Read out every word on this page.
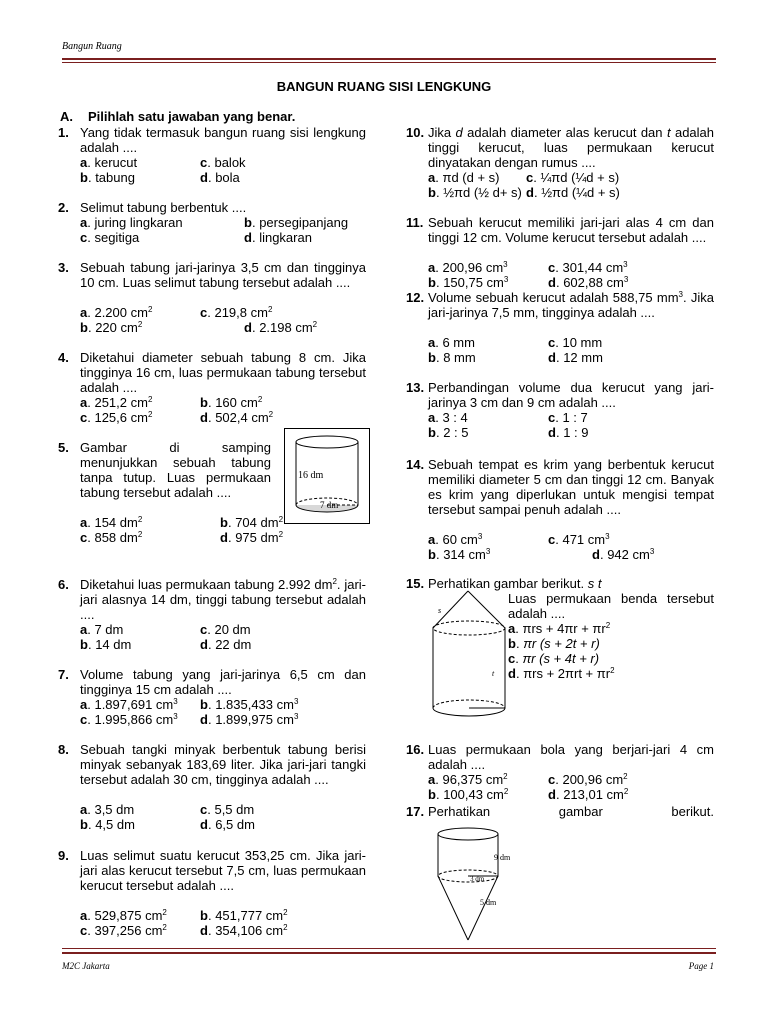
Bangun Ruang
BANGUN RUANG SISI LENGKUNG
A. Pilihlah satu jawaban yang benar.
1. Yang tidak termasuk bangun ruang sisi lengkung adalah ....
a. kerucut	c. balok
b. tabung	d. bola
2. Selimut tabung berbentuk ....
a. juring lingkaran	b. persegipanjang
c. segitiga	d. lingkaran
3. Sebuah tabung jari-jarinya 3,5 cm dan tingginya 10 cm. Luas selimut tabung tersebut adalah ....
a. 2.200 $cm^2$	c. 219,8 $cm^2$
b. 220 $cm^2$	d. 2.198 $cm^2$
4. Diketahui diameter sebuah tabung 8 cm. Jika tingginya 16 cm, luas permukaan tabung tersebut adalah ....
a. 251,2 $cm^2$	b. 160 $cm^2$
c. 125,6 $cm^2$	d. 502,4 $cm^2$
5. Gambar di samping menunjukkan sebuah tabung tanpa tutup. Luas permukaan tabung tersebut adalah ....
a. 154 $dm^2$	b. 704 $dm^2$
c. 858 $dm^2$	d. 975 $dm^2$
16 dm
7 dm
6. Diketahui luas permukaan tabung 2.992 $dm^2$. jari-jari alasnya 14 dm, tinggi tabung tersebut adalah ....
a. 7 dm	c. 20 dm
b. 14 dm	d. 22 dm
7. Volume tabung yang jari-jarinya 6,5 cm dan tingginya 15 cm adalah ....
a. 1.897,691 $cm^3$ b. 1.835,433 $cm^3$
c. 1.995,866 $cm^3$ d. 1.899,975 $cm^3$
8. Sebuah tangki minyak berbentuk tabung berisi minyak sebanyak 183,69 liter. Jika jari-jari tangki tersebut adalah 30 cm, tingginya adalah ....
a. 3,5 dm	c. 5,5 dm
b. 4,5 dm	d. 6,5 dm
9. Luas selimut suatu kerucut 353,25 cm. Jika jari-jari alas kerucut tersebut 7,5 cm, luas permukaan kerucut tersebut adalah ....
a. 529,875 $cm^2$	b. 451,777 $cm^2$
c. 397,256 $cm^2$	d. 354,106 $cm^2$
10. Jika d adalah diameter alas kerucut dan t adalah tinggi kerucut, luas permukaan kerucut dinyatakan dengan rumus ....
a. πd (d + s) c. ¼πd (¼d + s)
b. ½πd (½ d+ s) d. ½πd (¼d + s)
11. Sebuah kerucut memiliki jari-jari alas 4 cm dan tinggi 12 cm. Volume kerucut tersebut adalah ....
a. 200,96 $cm^3$	c. 301,44 $cm^3$
b. 150,75 $cm^3$	d. 602,88 $cm^3$
12. Volume sebuah kerucut adalah 588,75 $mm^3$. Jika jari-jarinya 7,5 mm, tingginya adalah ....
a. 6 mm	c. 10 mm
b. 8 mm	d. 12 mm
13. Perbandingan volume dua kerucut yang jari-jarinya 3 cm dan 9 cm adalah ....
a. 3 : 4	c. 1 : 7
b. 2 : 5	d. 1 : 9
14. Sebuah tempat es krim yang berbentuk kerucut memiliki diameter 5 cm dan tinggi 12 cm. Banyak es krim yang diperlukan untuk mengisi tempat tersebut sampai penuh adalah ....
a. 60 $cm^3$	c. 471 $cm^3$
b. 314 $cm^3$	d. 942 $cm^3$
15. Perhatikan gambar berikut. s t
Luas permukaan benda tersebut adalah ....
a. $\pi rs + 4\pi r + \pi r^2$
b. πr (s + 2t + r)
c. πr (s + 4t + r)
d. $\pi rs + 2\pi rt + \pi r^2$
s
t
16. Luas permukaan bola yang berjari-jari 4 cm adalah ....
a. 96,375 $cm^2$	c. 200,96 $cm^2$
b. 100,43 $cm^2$	d. 213,01 $cm^2$
17. Perhatikan gambar berikut.
9 dm
3 dm
5 dm
M2C Jakarta	Page 1
